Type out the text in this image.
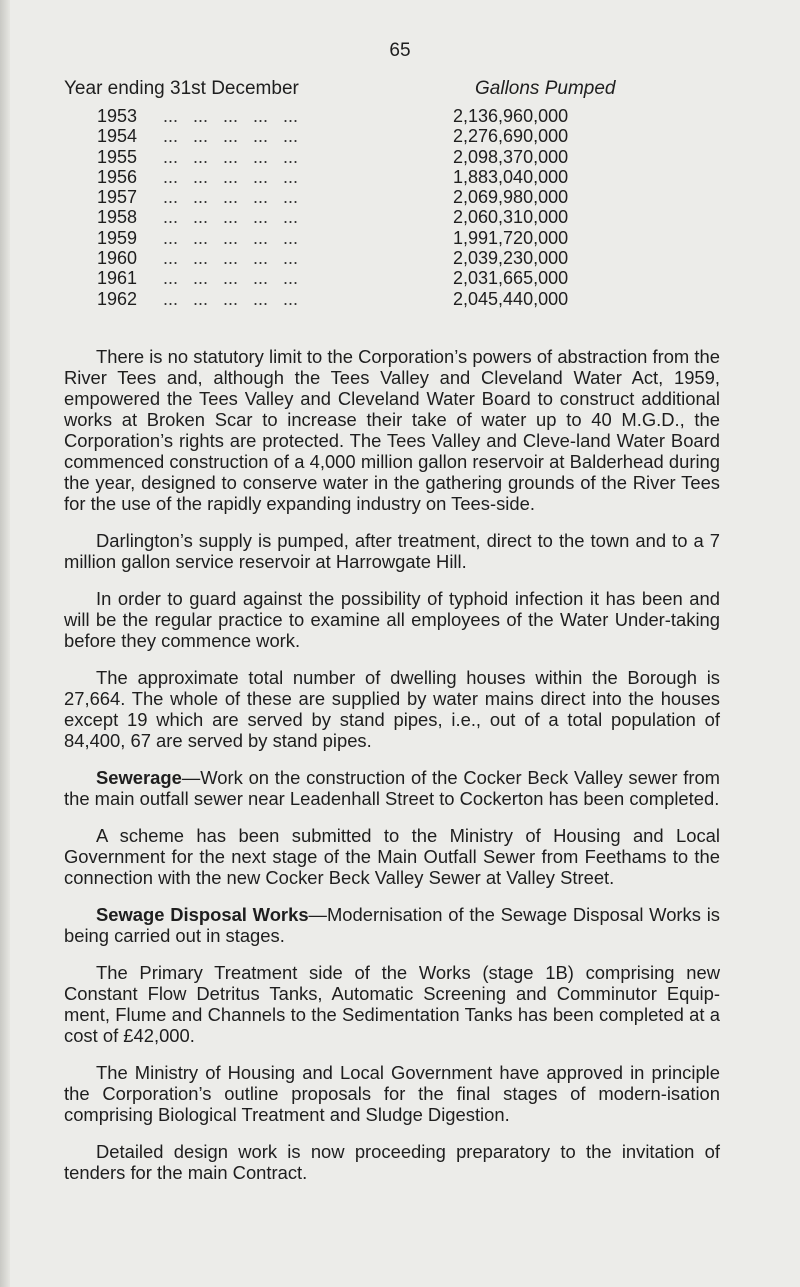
65
Year ending 31st December	Gallons Pumped
1953 ...   ...   ...   ...   ...	2,136,960,000
1954 ...   ...   ...   ...   ...	2,276,690,000
1955 ...   ...   ...   ...   ...	2,098,370,000
1956 ...   ...   ...   ...   ...	1,883,040,000
1957 ...   ...   ...   ...   ...	2,069,980,000
1958 ...   ...   ...   ...   ...	2,060,310,000
1959 ...   ...   ...   ...   ...	1,991,720,000
1960 ...   ...   ...   ...   ...	2,039,230,000
1961 ...   ...   ...   ...   ...	2,031,665,000
1962 ...   ...   ...   ...   ...	2,045,440,000

There is no statutory limit to the Corporation’s powers of abstraction from the River Tees and, although the Tees Valley and Cleveland Water Act, 1959, empowered the Tees Valley and Cleveland Water Board to construct additional works at Broken Scar to increase their take of water up to 40 M.G.D., the Corporation’s rights are protected. The Tees Valley and Cleve-land Water Board commenced construction of a 4,000 million gallon reservoir at Balderhead during the year, designed to conserve water in the gathering grounds of the River Tees for the use of the rapidly expanding industry on Tees-side.

Darlington’s supply is pumped, after treatment, direct to the town and to a 7 million gallon service reservoir at Harrowgate Hill.

In order to guard against the possibility of typhoid infection it has been and will be the regular practice to examine all employees of the Water Under-taking before they commence work.

The approximate total number of dwelling houses within the Borough is 27,664. The whole of these are supplied by water mains direct into the houses except 19 which are served by stand pipes, i.e., out of a total population of 84,400, 67 are served by stand pipes.

Sewerage—Work on the construction of the Cocker Beck Valley sewer from the main outfall sewer near Leadenhall Street to Cockerton has been completed.

A scheme has been submitted to the Ministry of Housing and Local Government for the next stage of the Main Outfall Sewer from Feethams to the connection with the new Cocker Beck Valley Sewer at Valley Street.

Sewage Disposal Works—Modernisation of the Sewage Disposal Works is being carried out in stages.

The Primary Treatment side of the Works (stage 1B) comprising new Constant Flow Detritus Tanks, Automatic Screening and Comminutor Equip-ment, Flume and Channels to the Sedimentation Tanks has been completed at a cost of £42,000.

The Ministry of Housing and Local Government have approved in principle the Corporation’s outline proposals for the final stages of modern-isation comprising Biological Treatment and Sludge Digestion.

Detailed design work is now proceeding preparatory to the invitation of tenders for the main Contract.
